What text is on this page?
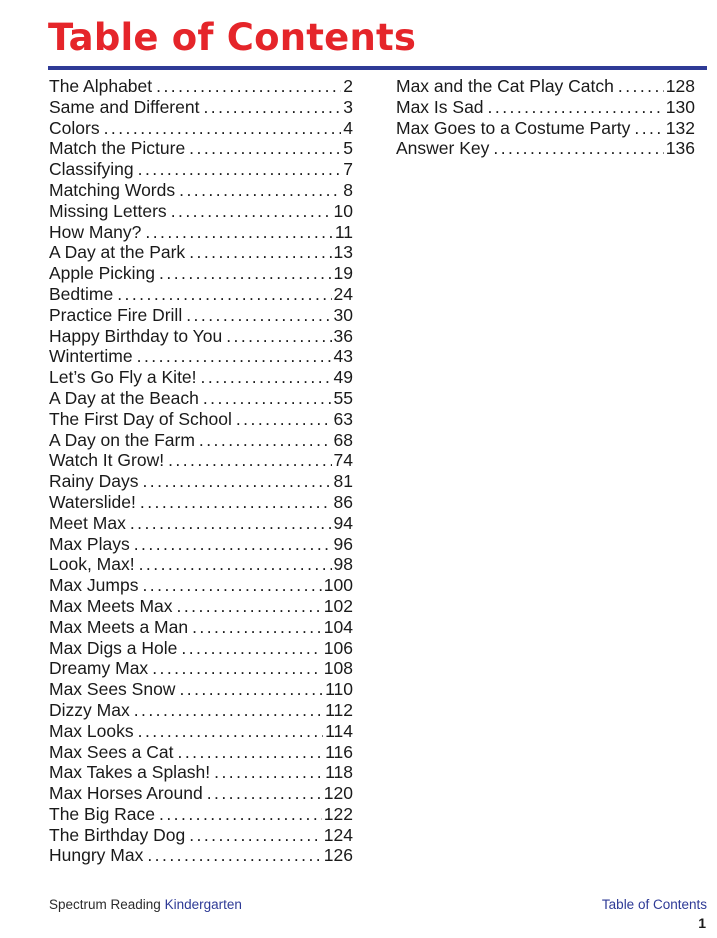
Table of Contents
The Alphabet . . .	2
Same and Different . . .	3
Colors . . .	4
Match the Picture . . .	5
Classifying . . .	7
Matching Words . . .	8
Missing Letters . . .	10
How Many? . . .	11
A Day at the Park . . .	13
Apple Picking . . .	19
Bedtime . . .	24
Practice Fire Drill . . .	30
Happy Birthday to You . . .	36
Wintertime . . .	43
Let’s Go Fly a Kite! . . .	49
A Day at the Beach . . .	55
The First Day of School . . .	63
A Day on the Farm . . .	68
Watch It Grow! . . .	74
Rainy Days . . .	81
Waterslide! . . .	86
Meet Max . . .	94
Max Plays . . .	96
Look, Max! . . .	98
Max Jumps . . .	100
Max Meets Max . . .	102
Max Meets a Man . . .	104
Max Digs a Hole . . .	106
Dreamy Max . . .	108
Max Sees Snow . . .	110
Dizzy Max . . .	112
Max Looks . . .	114
Max Sees a Cat . . .	116
Max Takes a Splash! . . .	118
Max Horses Around . . .	120
The Big Race . . .	122
The Birthday Dog . . .	124
Hungry Max . . .	126
Max and the Cat Play Catch . . .	128
Max Is Sad . . .	130
Max Goes to a Costume Party . . . 132
Answer Key . . .	136
Spectrum Reading Kindergarten	Table of Contents
1
